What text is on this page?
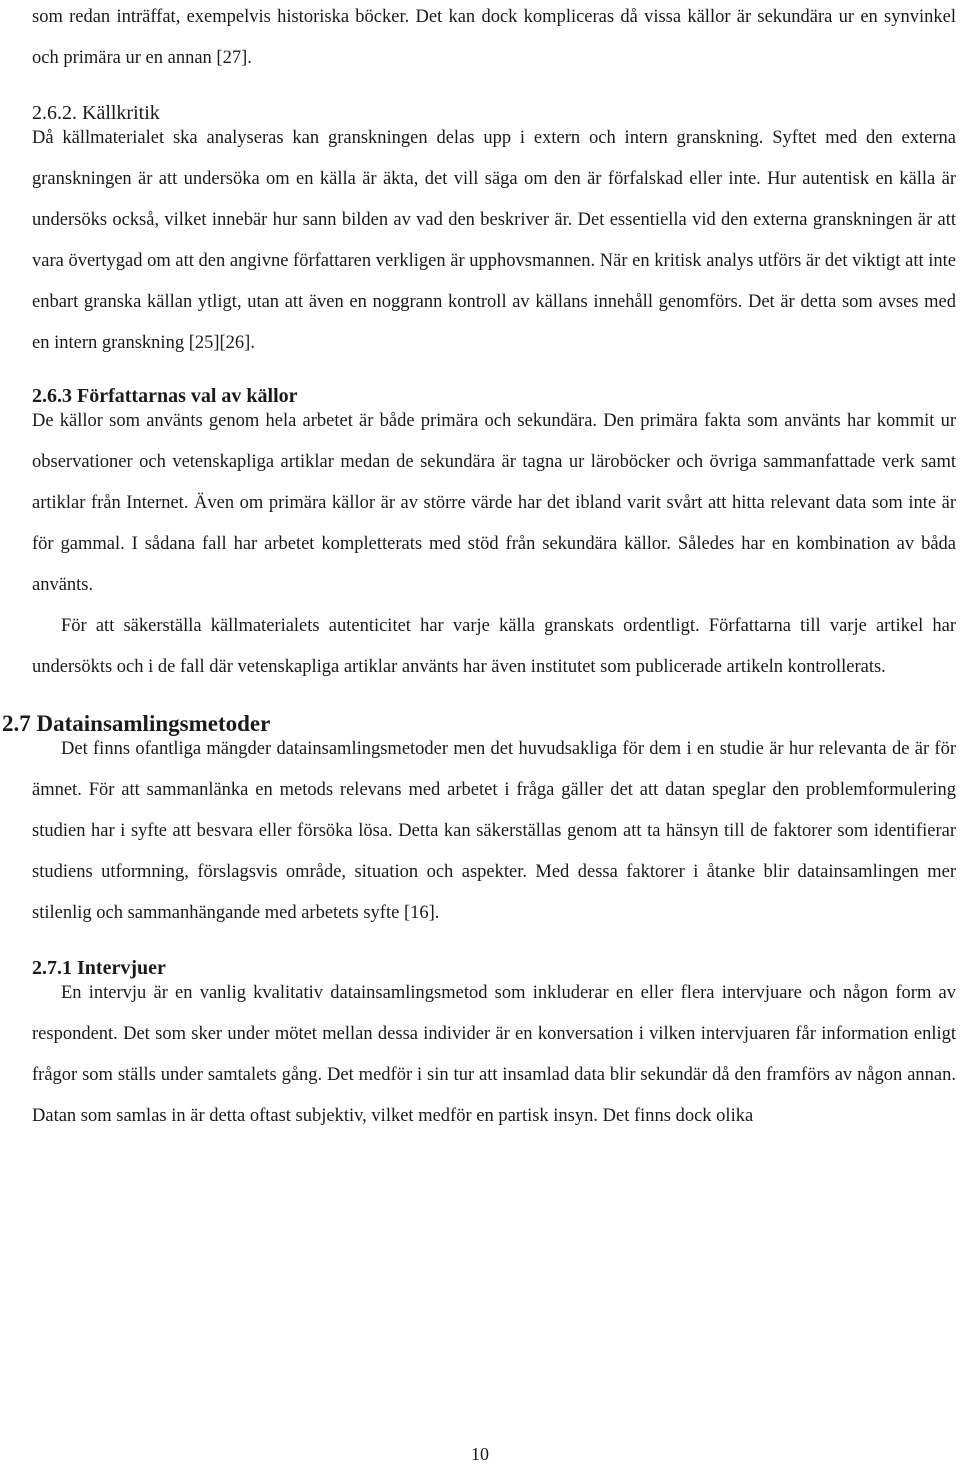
som redan inträffat, exempelvis historiska böcker. Det kan dock kompliceras då vissa källor är sekundära ur en synvinkel och primära ur en annan [27].

2.6.2. Källkritik

Då källmaterialet ska analyseras kan granskningen delas upp i extern och intern granskning. Syftet med den externa granskningen är att undersöka om en källa är äkta, det vill säga om den är förfalskad eller inte. Hur autentisk en källa är undersöks också, vilket innebär hur sann bilden av vad den beskriver är. Det essentiella vid den externa granskningen är att vara övertygad om att den angivne författaren verkligen är upphovsmannen. När en kritisk analys utförs är det viktigt att inte enbart granska källan ytligt, utan att även en noggrann kontroll av källans innehåll genomförs. Det är detta som avses med en intern granskning [25][26].

2.6.3 Författarnas val av källor

De källor som använts genom hela arbetet är både primära och sekundära. Den primära fakta som använts har kommit ur observationer och vetenskapliga artiklar medan de sekundära är tagna ur läroböcker och övriga sammanfattade verk samt artiklar från Internet. Även om primära källor är av större värde har det ibland varit svårt att hitta relevant data som inte är för gammal. I sådana fall har arbetet kompletterats med stöd från sekundära källor. Således har en kombination av båda använts.

För att säkerställa källmaterialets autenticitet har varje källa granskats ordentligt. Författarna till varje artikel har undersökts och i de fall där vetenskapliga artiklar använts har även institutet som publicerade artikeln kontrollerats.

2.7 Datainsamlingsmetoder

Det finns ofantliga mängder datainsamlingsmetoder men det huvudsakliga för dem i en studie är hur relevanta de är för ämnet. För att sammanlänka en metods relevans med arbetet i fråga gäller det att datan speglar den problemformulering studien har i syfte att besvara eller försöka lösa. Detta kan säkerställas genom att ta hänsyn till de faktorer som identifierar studiens utformning, förslagsvis område, situation och aspekter. Med dessa faktorer i åtanke blir datainsamlingen mer stilenlig och sammanhängande med arbetets syfte [16].

2.7.1 Intervjuer

En intervju är en vanlig kvalitativ datainsamlingsmetod som inkluderar en eller flera intervjuare och någon form av respondent. Det som sker under mötet mellan dessa individer är en konversation i vilken intervjuaren får information enligt frågor som ställs under samtalets gång. Det medför i sin tur att insamlad data blir sekundär då den framförs av någon annan. Datan som samlas in är detta oftast subjektiv, vilket medför en partisk insyn. Det finns dock olika

10
